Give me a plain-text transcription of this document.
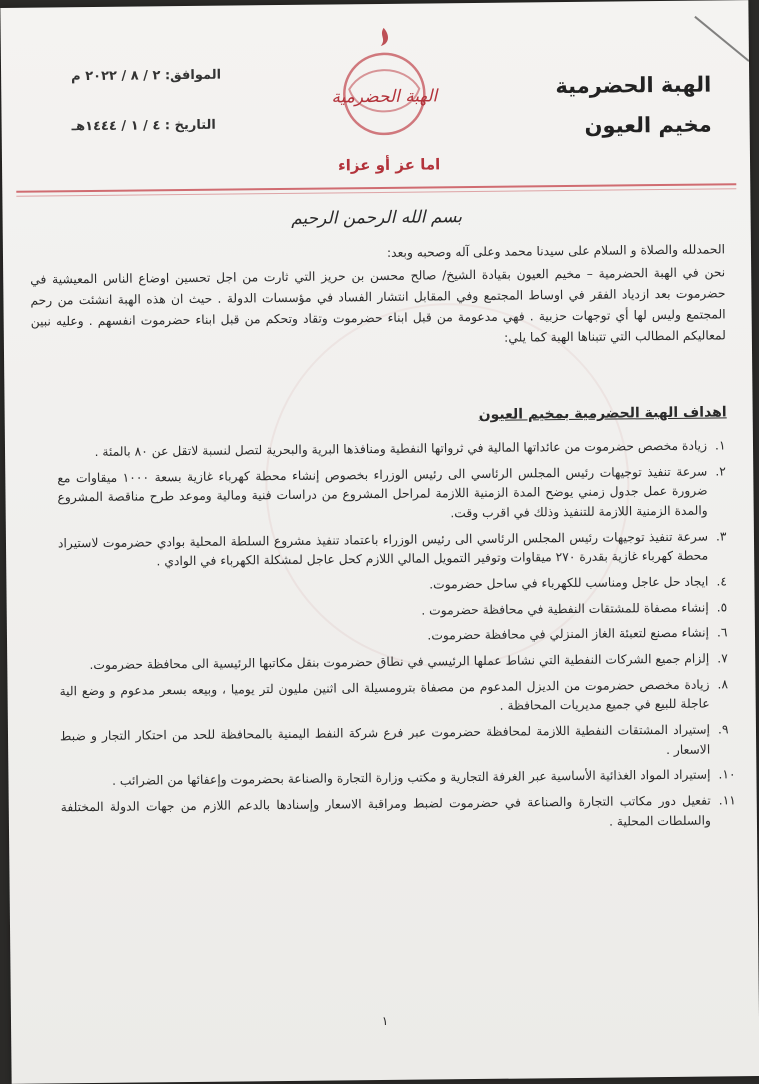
الهبة الحضرمية
مخيم العيون
الهبة الحضرمية
اما عز أو عزاء
الموافق: ٢ / ٨ / ٢٠٢٢ م
التاريخ : ٤ / ١ / ١٤٤٤هـ
بسم الله الرحمن الرحيم
الحمدلله والصلاة و السلام على سيدنا محمد وعلى آله وصحبه وبعد:
نحن في الهبة الحضرمية – مخيم العيون بقيادة الشيخ/ صالح محسن بن حريز التي ثارت من اجل تحسين اوضاع الناس المعيشية في حضرموت بعد ازدياد الفقر في اوساط المجتمع وفي المقابل انتشار الفساد في مؤسسات الدولة . حيث ان هذه الهبة انشئت من رحم المجتمع وليس لها أي توجهات حزبية . فهي مدعومة من قبل ابناء حضرموت وتقاد وتحكم من قبل ابناء حضرموت انفسهم . وعليه نبين لمعاليكم المطالب التي تتبناها الهبة كما يلي:
اهداف الهبة الحضرمية بمخيم العيون
١.
زيادة مخصص حضرموت من عائداتها المالية في ثرواتها النفطية ومنافذها البرية والبحرية لتصل لنسبة لاتقل عن ٨٠ بالمئة .
٢.
سرعة تنفيذ توجيهات رئيس المجلس الرئاسي الى رئيس الوزراء بخصوص إنشاء محطة كهرباء غازية بسعة ١٠٠٠ ميقاوات مع ضرورة عمل جدول زمني يوضح المدة الزمنية اللازمة لمراحل المشروع من دراسات فنية ومالية وموعد طرح مناقصة المشروع والمدة الزمنية اللازمة للتنفيذ وذلك في اقرب وقت.
٣.
سرعة تنفيذ توجيهات رئيس المجلس الرئاسي الى رئيس الوزراء باعتماد تنفيذ مشروع السلطة المحلية بوادي حضرموت لاستيراد محطة كهرباء غازية بقدرة ٢٧٠ ميقاوات وتوفير التمويل المالي اللازم كحل عاجل لمشكلة الكهرباء في الوادي .
٤.
ايجاد حل عاجل ومناسب للكهرباء في ساحل حضرموت.
٥.
إنشاء مصفاة للمشتقات النفطية في محافظة حضرموت .
٦.
إنشاء مصنع لتعبئة الغاز المنزلي في محافظة حضرموت.
٧.
إلزام جميع الشركات النفطية التي نشاط عملها الرئيسي في نطاق حضرموت بنقل مكاتبها الرئيسية الى محافظة حضرموت.
٨.
زيادة مخصص حضرموت من الديزل المدعوم من مصفاة بترومسيلة الى اثنين مليون لتر يوميا ، وبيعه بسعر مدعوم و وضع الية عاجلة للبيع في جميع مديريات المحافظة .
٩.
إستيراد المشتقات النفطية اللازمة لمحافظة حضرموت عبر فرع شركة النفط اليمنية بالمحافظة للحد من احتكار التجار و ضبط الاسعار .
١٠.
إستيراد المواد الغذائية الأساسية عبر الغرفة التجارية و مكتب وزارة التجارة والصناعة بحضرموت وإعفائها من الضرائب .
١١.
تفعيل دور مكاتب التجارة والصناعة في حضرموت لضبط ومراقبة الاسعار وإسنادها بالدعم اللازم من جهات الدولة المختلفة والسلطات المحلية .
١
